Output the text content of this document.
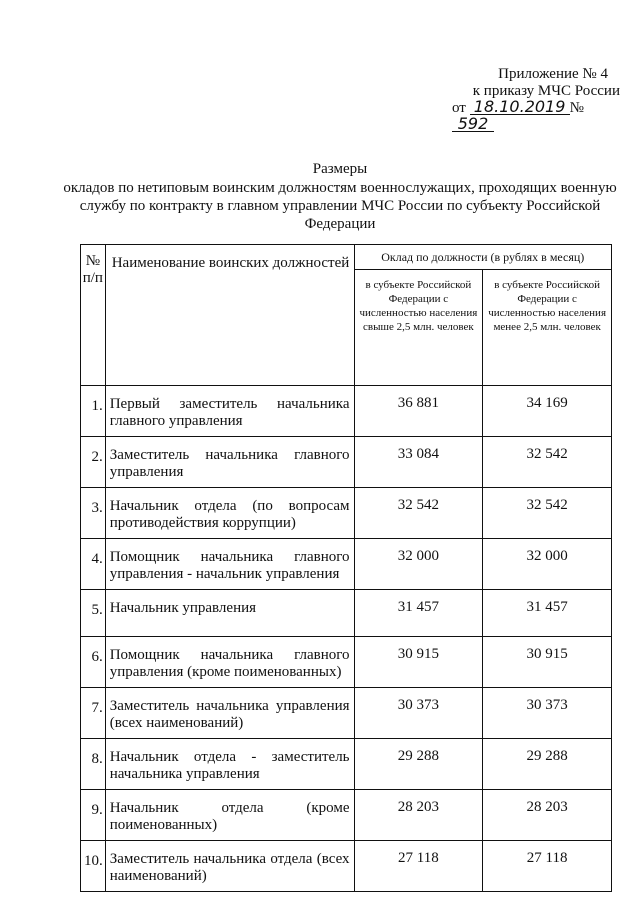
Приложение № 4
к приказу МЧС России
от 18.10.2019 № 592
Размеры
окладов по нетиповым воинским должностям военнослужащих, проходящих военную службу по контракту в главном управлении МЧС России по субъекту Российской Федерации
№ п/п	Наименование воинских должностей	Оклад по должности (в рублях в месяц)	
		в субъекте Российской Федерации с численностью населения свыше 2,5 млн. человек	в субъекте Российской Федерации с численностью населения менее 2,5 млн. человек
1.	Первый заместитель начальника главного управления	36 881	34 169
2.	Заместитель начальника главного управления	33 084	32 542
3.	Начальник отдела (по вопросам противодействия коррупции)	32 542	32 542
4.	Помощник начальника главного управления - начальник управления	32 000	32 000
5.	Начальник управления	31 457	31 457
6.	Помощник начальника главного управления (кроме поименованных)	30 915	30 915
7.	Заместитель начальника управления (всех наименований)	30 373	30 373
8.	Начальник отдела - заместитель начальника управления	29 288	29 288
9.	Начальник отдела (кроме поименованных)	28 203	28 203
10.	Заместитель начальника отдела (всех наименований)	27 118	27 118
